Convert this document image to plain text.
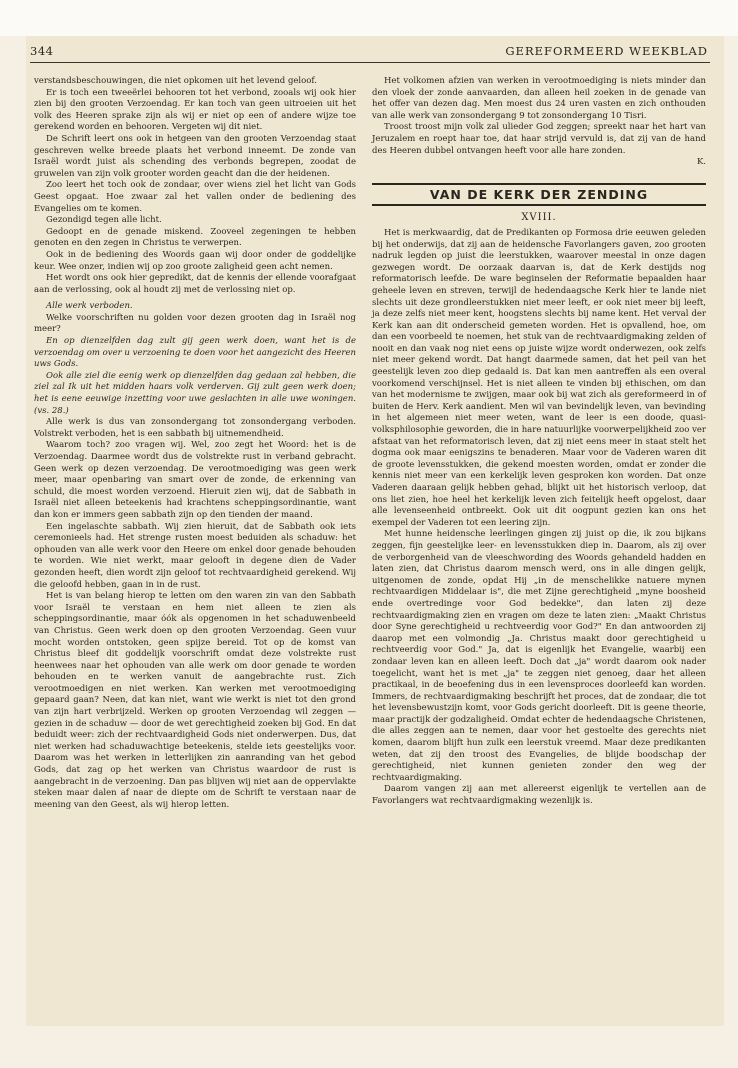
344	GEREFORMEERD WEEKBLAD

verstandsbeschouwingen, die niet opkomen uit het levend geloof.

Er is toch een tweeërlei behooren tot het verbond, zooals wij ook hier zien bij den grooten Verzoendag. Er kan toch van geen uitroeien uit het volk des Heeren sprake zijn als wij er niet op een of andere wijze toe gerekend worden en behooren. Vergeten wij dit niet.

De Schrift leert ons ook in hetgeen van den grooten Verzoendag staat geschreven welke breede plaats het verbond inneemt. De zonde van Israël wordt juist als schending des verbonds begrepen, zoodat de gruwelen van zijn volk grooter worden geacht dan die der heidenen.

Zoo leert het toch ook de zondaar, over wiens ziel het licht van Gods Geest opgaat. Hoe zwaar zal het vallen onder de bediening des Evangelies om te komen.

Gezondigd tegen alle licht.

Gedoopt en de genade miskend. Zooveel zegeningen te hebben genoten en den zegen in Christus te verwerpen.

Ook in de bediening des Woords gaan wij door onder de goddelijke keur. Wee onzer, indien wij op zoo groote zaligheid geen acht nemen.

Het wordt ons ook hier gepredikt, dat de kennis der ellende voorafgaat aan de verlossing, ook al houdt zij met de verlossing niet op.

Alle werk verboden.

Welke voorschriften nu golden voor dezen grooten dag in Israël nog meer?

En op dienzelfden dag zult gij geen werk doen, want het is de verzoendag om over u verzoening te doen voor het aangezicht des Heeren uws Gods.

Ook alle ziel die eenig werk op dienzelfden dag gedaan zal hebben, die ziel zal Ik uit het midden haars volk verderven. Gij zult geen werk doen; het is eene eeuwige inzetting voor uwe geslachten in alle uwe woningen. (vs. 28.)

Alle werk is dus van zonsondergang tot zonsondergang verboden. Volstrekt verboden, het is een sabbath bij uitnemendheid.

Waarom toch? zoo vragen wij. Wel, zoo zegt het Woord: het is de Verzoendag. Daarmee wordt dus de volstrekte rust in verband gebracht. Geen werk op dezen verzoendag. De verootmoediging was geen werk meer, maar openbaring van smart over de zonde, de erkenning van schuld, die moest worden verzoend. Hieruit zien wij, dat de Sabbath in Israël niet alleen beteekenis had krachtens scheppingsordinantie, want dan kon er immers geen sabbath zijn op den tienden der maand.

Een ingelaschte sabbath. Wij zien hieruit, dat de Sabbath ook iets ceremonieels had. Het strenge rusten moest beduiden als schaduw: het ophouden van alle werk voor den Heere om enkel door genade behouden te worden. Wie niet werkt, maar gelooft in degene dien de Vader gezonden heeft, dien wordt zijn geloof tot rechtvaardigheid gerekend. Wij die geloofd hebben, gaan in in de rust.

Het is van belang hierop te letten om den waren zin van den Sabbath voor Israël te verstaan en hem niet alleen te zien als scheppingsordinantie, maar óók als opgenomen in het schaduwenbeeld van Christus. Geen werk doen op den grooten Verzoendag. Geen vuur mocht worden ontstoken, geen spijze bereid. Tot op de komst van Christus bleef dit goddelijk voorschrift omdat deze volstrekte rust heenwees naar het ophouden van alle werk om door genade te worden behouden en te werken vanuit de aangebrachte rust. Zich verootmoedigen en niet werken. Kan werken met verootmoediging gepaard gaan? Neen, dat kan niet, want wie werkt is niet tot den grond van zijn hart verbrijzeld. Werken op grooten Verzoendag wil zeggen — gezien in de schaduw — door de wet gerechtigheid zoeken bij God. En dat beduidt weer: zich der rechtvaardigheid Gods niet onderwerpen. Dus, dat niet werken had schaduwachtige beteekenis, stelde iets geestelijks voor. Daarom was het werken in letterlijken zin aanranding van het gebod Gods, dat zag op het werken van Christus waardoor de rust is aangebracht in de verzoening. Dan pas blijven wij niet aan de oppervlakte steken maar dalen af naar de diepte om de Schrift te verstaan naar de meening van den Geest, als wij hierop letten.

Het volkomen afzien van werken in verootmoediging is niets minder dan den vloek der zonde aanvaarden, dan alleen heil zoeken in de genade van het offer van dezen dag. Men moest dus 24 uren vasten en zich onthouden van alle werk van zonsondergang 9 tot zonsondergang 10 Tisri.

Troost troost mijn volk zal ulieder God zeggen; spreekt naar het hart van Jeruzalem en roept haar toe, dat haar strijd vervuld is, dat zij van de hand des Heeren dubbel ontvangen heeft voor alle hare zonden.

K.

VAN DE KERK DER ZENDING
XVIII.

Het is merkwaardig, dat de Predikanten op Formosa drie eeuwen geleden bij het onderwijs, dat zij aan de heidensche Favorlangers gaven, zoo grooten nadruk legden op juist die leerstukken, waarover meestal in onze dagen gezwegen wordt. De oorzaak daarvan is, dat de Kerk destijds nog reformatorisch leefde. De ware beginselen der Reformatie bepaalden haar geheele leven en streven, terwijl de hedendaagsche Kerk hier te lande niet slechts uit deze grondleerstukken niet meer leeft, er ook niet meer bij leeft, ja deze zelfs niet meer kent, hoogstens slechts bij name kent. Het verval der Kerk kan aan dit onderscheid gemeten worden. Het is opvallend, hoe, om dan een voorbeeld te noemen, het stuk van de rechtvaardigmaking zelden of nooit en dan vaak nog niet eens op juiste wijze wordt onderwezen, ook zelfs niet meer gekend wordt. Dat hangt daarmede samen, dat het peil van het geestelijk leven zoo diep gedaald is. Dat kan men aantreffen als een overal voorkomend verschijnsel. Het is niet alleen te vinden bij ethischen, om dan van het modernisme te zwijgen, maar ook bij wat zich als gereformeerd in of buiten de Herv. Kerk aandient. Men wil van bevindelijk leven, van bevinding in het algemeen niet meer weten, want de leer is een doode, quasi-volksphilosophie geworden, die in hare natuurlijke voorwerpelijkheid zoo ver afstaat van het reformatorisch leven, dat zij niet eens meer in staat stelt het dogma ook maar eenigszins te benaderen. Maar voor de Vaderen waren dit de groote levensstukken, die gekend moesten worden, omdat er zonder die kennis niet meer van een kerkelijk leven gesproken kon worden. Dat onze Vaderen daaraan gelijk hebben gehad, blijkt uit het historisch verloop, dat ons liet zien, hoe heel het kerkelijk leven zich feitelijk heeft opgelost, daar alle levenseenheid ontbreekt. Ook uit dit oogpunt gezien kan ons het exempel der Vaderen tot een leering zijn.

Met hunne heidensche leerlingen gingen zij juist op die, ik zou bijkans zeggen, fijn geestelijke leer- en levensstukken diep in. Daarom, als zij over de verborgenheid van de vleeschwording des Woords gehandeld hadden en laten zien, dat Christus daarom mensch werd, ons in alle dingen gelijk, uitgenomen de zonde, opdat Hij „in de menschelikke natuere mynen rechtvaardigen Middelaar is", die met Zijne gerechtigheid „myne boosheid ende overtredinge voor God bedekke", dan laten zij deze rechtvaardigmaking zien en vragen om deze te laten zien: „Maakt Christus door Syne gerechtigheid u rechtveerdig voor God?" En dan antwoorden zij daarop met een volmondig „Ja. Christus maakt door gerechtigheid u rechtveerdig voor God." Ja, dat is eigenlijk het Evangelie, waarbij een zondaar leven kan en alleen leeft. Doch dat „ja" wordt daarom ook nader toegelicht, want het is met „ja" te zeggen niet genoeg, daar het alleen practikaal, in de beoefening dus in een levensproces doorleefd kan worden. Immers, de rechtvaardigmaking beschrijft het proces, dat de zondaar, die tot het levensbewustzijn komt, voor Gods gericht doorleeft. Dit is geene theorie, maar practijk der godzaligheid. Omdat echter de hedendaagsche Christenen, die alles zeggen aan te nemen, daar voor het gestoelte des gerechts niet komen, daarom blijft hun zulk een leerstuk vreemd. Maar deze predikanten weten, dat zij den troost des Evangelies, de blijde boodschap der gerechtigheid, niet kunnen genieten zonder den weg der rechtvaardigmaking.

Daarom vangen zij aan met allereerst eigenlijk te vertellen aan de Favorlangers wat rechtvaardigmaking wezenlijk is.
